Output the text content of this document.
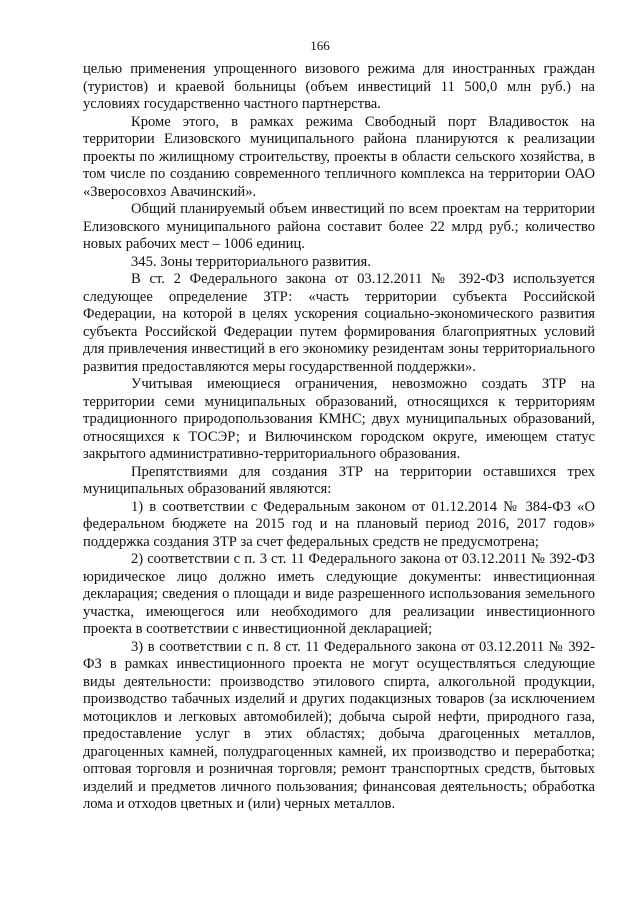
166

целью применения упрощенного визового режима для иностранных граждан (туристов) и краевой больницы (объем инвестиций 11 500,0 млн руб.) на условиях государственно частного партнерства.

Кроме этого, в рамках режима Свободный порт Владивосток на территории Елизовского муниципального района планируются к реализации проекты по жилищному строительству, проекты в области сельского хозяйства, в том числе по созданию современного тепличного комплекса на территории ОАО «Зверосовхоз Авачинский».

Общий планируемый объем инвестиций по всем проектам на территории Елизовского муниципального района составит более 22 млрд руб.; количество новых рабочих мест – 1006 единиц.

345. Зоны территориального развития.

В ст. 2 Федерального закона от 03.12.2011 № 392-ФЗ используется следующее определение ЗТР: «часть территории субъекта Российской Федерации, на которой в целях ускорения социально-экономического развития субъекта Российской Федерации путем формирования благоприятных условий для привлечения инвестиций в его экономику резидентам зоны территориального развития предоставляются меры государственной поддержки».

Учитывая имеющиеся ограничения, невозможно создать ЗТР на территории семи муниципальных образований, относящихся к территориям традиционного природопользования КМНС; двух муниципальных образований, относящихся к ТОСЭР; и Вилючинском городском округе, имеющем статус закрытого административно-территориального образования.

Препятствиями для создания ЗТР на территории оставшихся трех муниципальных образований являются:

1) в соответствии с Федеральным законом от 01.12.2014 № 384-ФЗ «О федеральном бюджете на 2015 год и на плановый период 2016, 2017 годов» поддержка создания ЗТР за счет федеральных средств не предусмотрена;

2) соответствии с п. 3 ст. 11 Федерального закона от 03.12.2011 № 392-ФЗ юридическое лицо должно иметь следующие документы: инвестиционная декларация; сведения о площади и виде разрешенного использования земельного участка, имеющегося или необходимого для реализации инвестиционного проекта в соответствии с инвестиционной декларацией;

3) в соответствии с п. 8 ст. 11 Федерального закона от 03.12.2011 № 392-ФЗ в рамках инвестиционного проекта не могут осуществляться следующие виды деятельности: производство этилового спирта, алкогольной продукции, производство табачных изделий и других подакцизных товаров (за исключением мотоциклов и легковых автомобилей); добыча сырой нефти, природного газа, предоставление услуг в этих областях; добыча драгоценных металлов, драгоценных камней, полудрагоценных камней, их производство и переработка; оптовая торговля и розничная торговля; ремонт транспортных средств, бытовых изделий и предметов личного пользования; финансовая деятельность; обработка лома и отходов цветных и (или) черных металлов.
